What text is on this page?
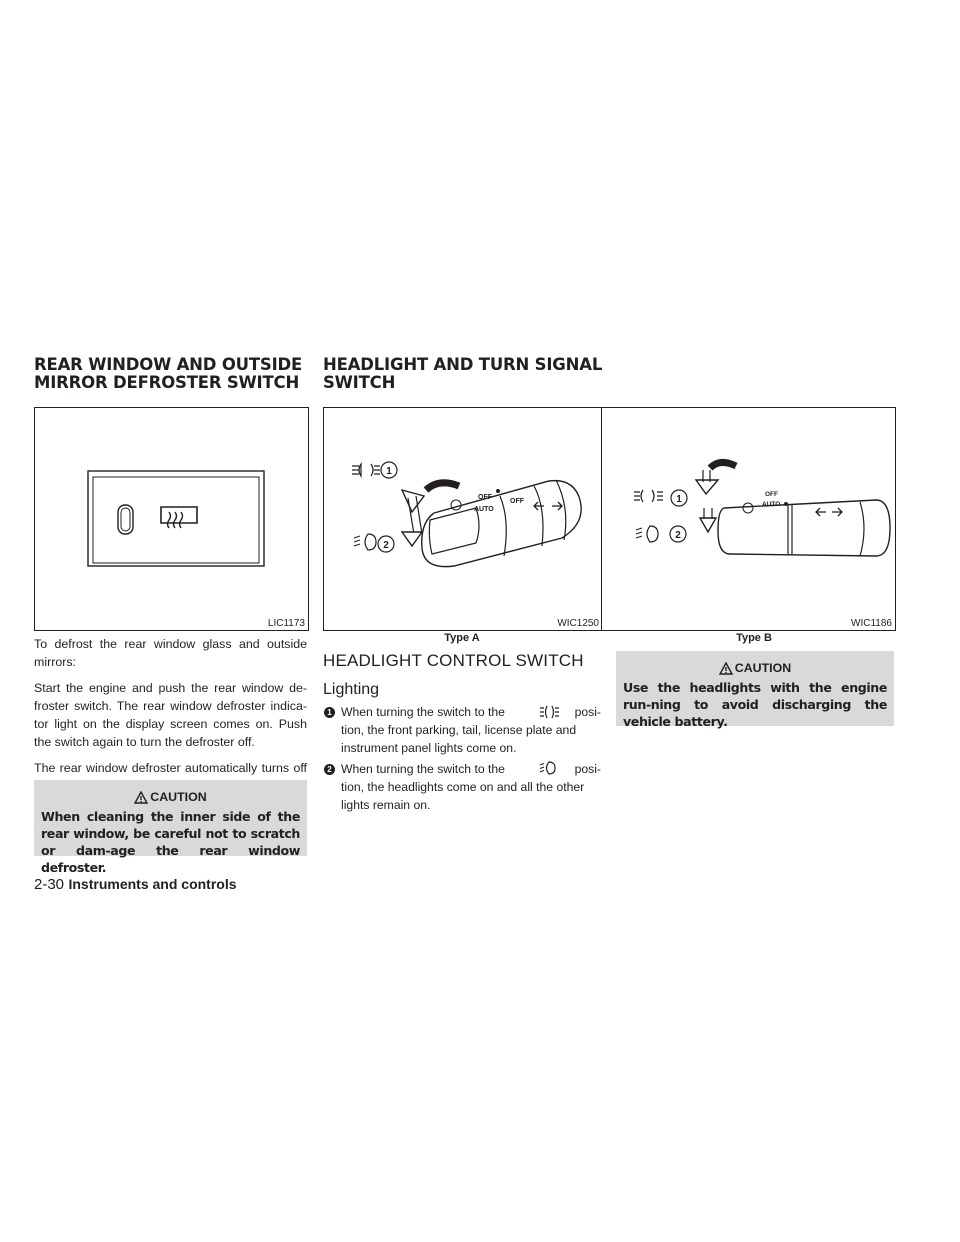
REAR WINDOW AND OUTSIDE
MIRROR DEFROSTER SWITCH
HEADLIGHT AND TURN SIGNAL
SWITCH
LIC1173
1
2
OFF
AUTO
OFF
WIC1250
Type A
1
2
OFF
AUTO
WIC1186
Type B

To defrost the rear window glass and outside mirrors:

Start the engine and push the rear window de-froster switch. The rear window defroster indica-tor light on the display screen comes on. Push the switch again to turn the defroster off.

The rear window defroster automatically turns off

CAUTION
When cleaning the inner side of the rear window, be careful not to scratch or dam-age the rear window defroster.
HEADLIGHT CONTROL SWITCH
Lighting
1 When turning the switch to the	posi-
tion, the front parking, tail, license plate and instrument panel lights come on.
2 When turning the switch to the	posi-
tion, the headlights come on and all the other lights remain on.
CAUTION
Use the headlights with the engine run-ning to avoid discharging the vehicle battery.
2-30 Instruments and controls
